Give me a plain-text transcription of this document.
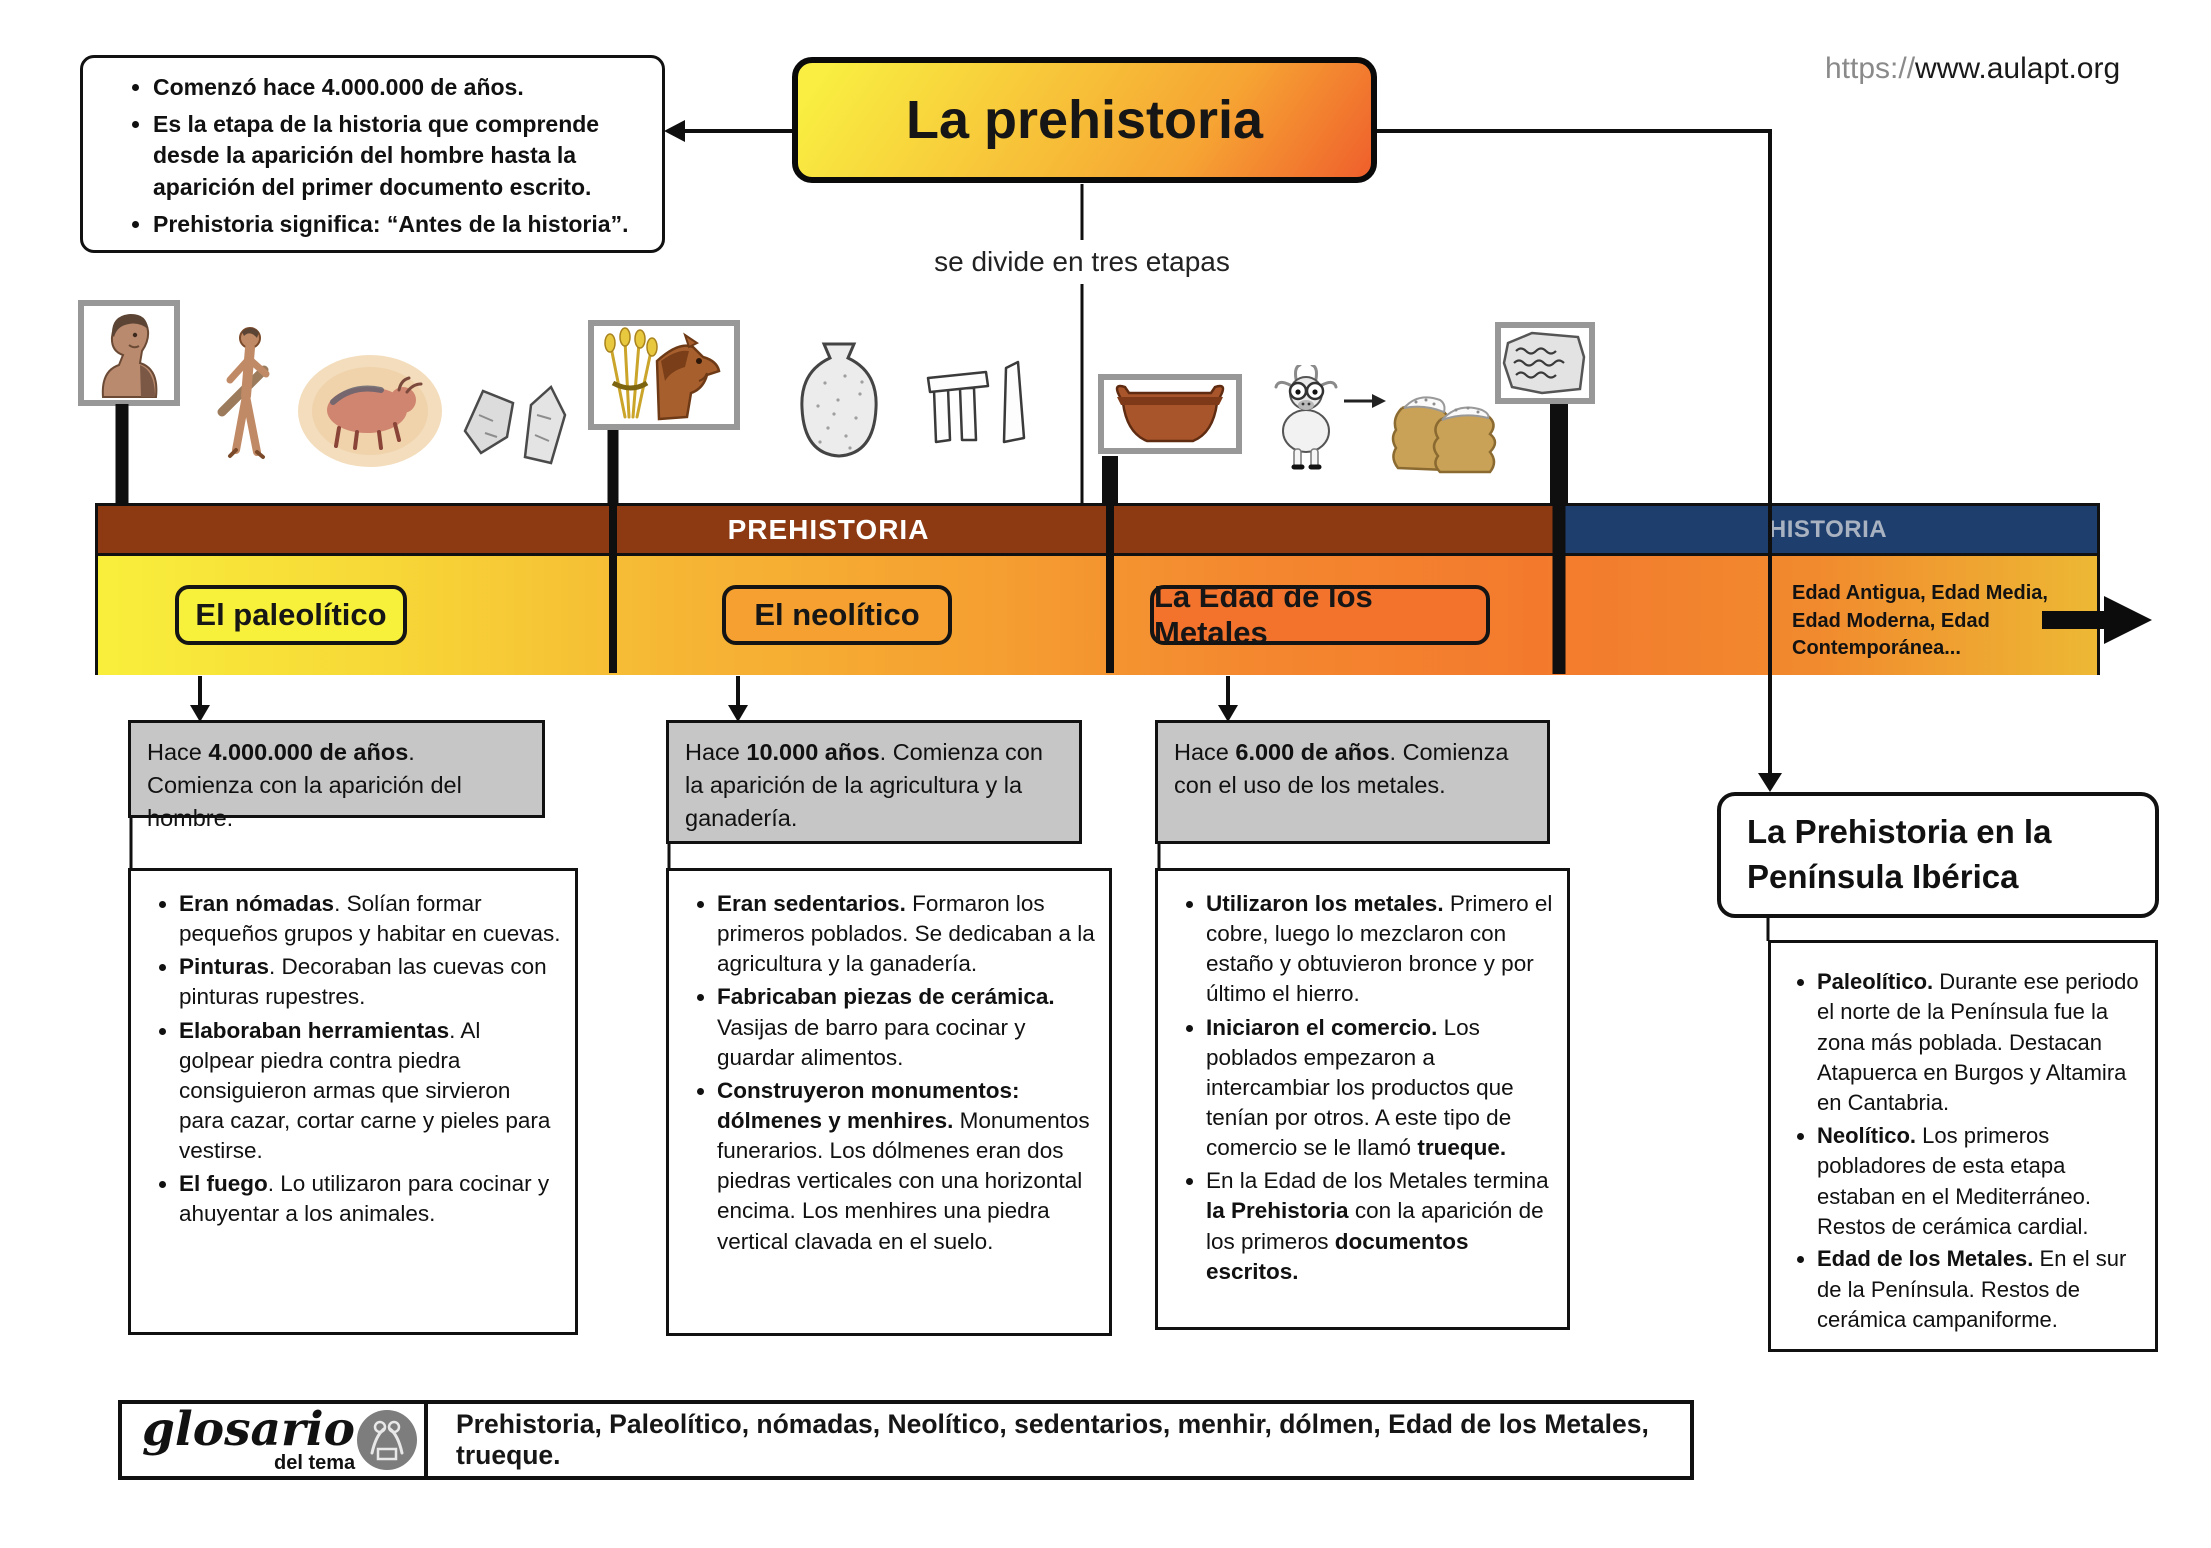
• Comenzó hace 4.000.000 de años.
• Es la etapa de la historia que comprende desde la aparición del hombre hasta la aparición del primer documento escrito.
• Prehistoria significa: “Antes de la historia”.
La prehistoria
https://www.aulapt.org
se divide en tres etapas
PREHISTORIA	HISTORIA
El paleolítico	El neolítico
La Edad de los Metales
Edad Antigua, Edad Media, Edad Moderna, Edad Contemporánea...
Hace 4.000.000 de años. Comienza con la aparición del hombre.
Hace 10.000 años. Comienza con la aparición de la agricultura y la ganadería.
Hace 6.000 de años. Comienza con el uso de los metales.
• Eran nómadas. Solían formar pequeños grupos y habitar en cuevas.
• Pinturas. Decoraban las cuevas con pinturas rupestres.
• Elaboraban herramientas. Al golpear piedra contra piedra consiguieron armas que sirvieron para cazar, cortar carne y pieles para vestirse.
• El fuego. Lo utilizaron para cocinar y ahuyentar a los animales.
• Eran sedentarios. Formaron los primeros poblados. Se dedicaban a la agricultura y la ganadería.
• Fabricaban piezas de cerámica. Vasijas de barro para cocinar y guardar alimentos.
• Construyeron monumentos: dólmenes y menhires. Monumentos funerarios. Los dólmenes eran dos piedras verticales con una horizontal encima. Los menhires una piedra vertical clavada en el suelo.
• Utilizaron los metales. Primero el cobre, luego lo mezclaron con estaño y obtuvieron bronce y por último el hierro.
• Iniciaron el comercio. Los poblados empezaron a intercambiar los productos que tenían por otros. A este tipo de comercio se le llamó trueque.
• En la Edad de los Metales termina la Prehistoria con la aparición de los primeros documentos escritos.
La Prehistoria en la Península Ibérica
• Paleolítico. Durante ese periodo el norte de la Península fue la zona más poblada. Destacan Atapuerca en Burgos y Altamira en Cantabria.
• Neolítico. Los primeros pobladores de esta etapa estaban en el Mediterráneo. Restos de cerámica cardial.
• Edad de los Metales. En el sur de la Península. Restos de cerámica campaniforme.
glosario
del tema
Prehistoria, Paleolítico, nómadas, Neolítico, sedentarios, menhir, dólmen, Edad de los Metales, trueque.
